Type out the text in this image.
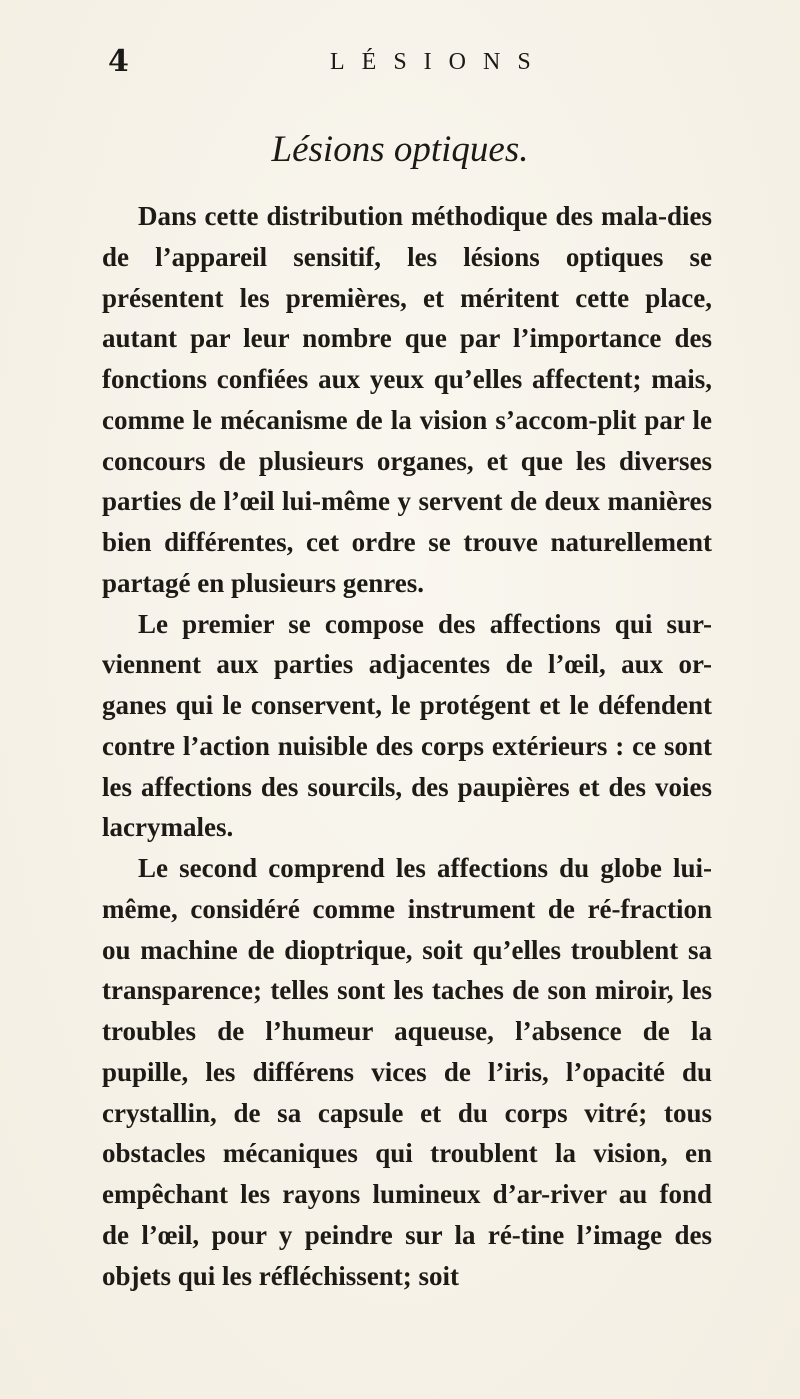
4	LÉSIONS
Lésions optiques.

Dans cette distribution méthodique des mala-dies de l’appareil sensitif, les lésions optiques se présentent les premières, et méritent cette place, autant par leur nombre que par l’importance des fonctions confiées aux yeux qu’elles affectent; mais, comme le mécanisme de la vision s’accom-plit par le concours de plusieurs organes, et que les diverses parties de l’œil lui-même y servent de deux manières bien différentes, cet ordre se trouve naturellement partagé en plusieurs genres.

Le premier se compose des affections qui sur-viennent aux parties adjacentes de l’œil, aux or-ganes qui le conservent, le protégent et le défendent contre l’action nuisible des corps extérieurs : ce sont les affections des sourcils, des paupières et des voies lacrymales.

Le second comprend les affections du globe lui-même, considéré comme instrument de ré-fraction ou machine de dioptrique, soit qu’elles troublent sa transparence; telles sont les taches de son miroir, les troubles de l’humeur aqueuse, l’absence de la pupille, les différens vices de l’iris, l’opacité du crystallin, de sa capsule et du corps vitré; tous obstacles mécaniques qui troublent la vision, en empêchant les rayons lumineux d’ar-river au fond de l’œil, pour y peindre sur la ré-tine l’image des objets qui les réfléchissent; soit
